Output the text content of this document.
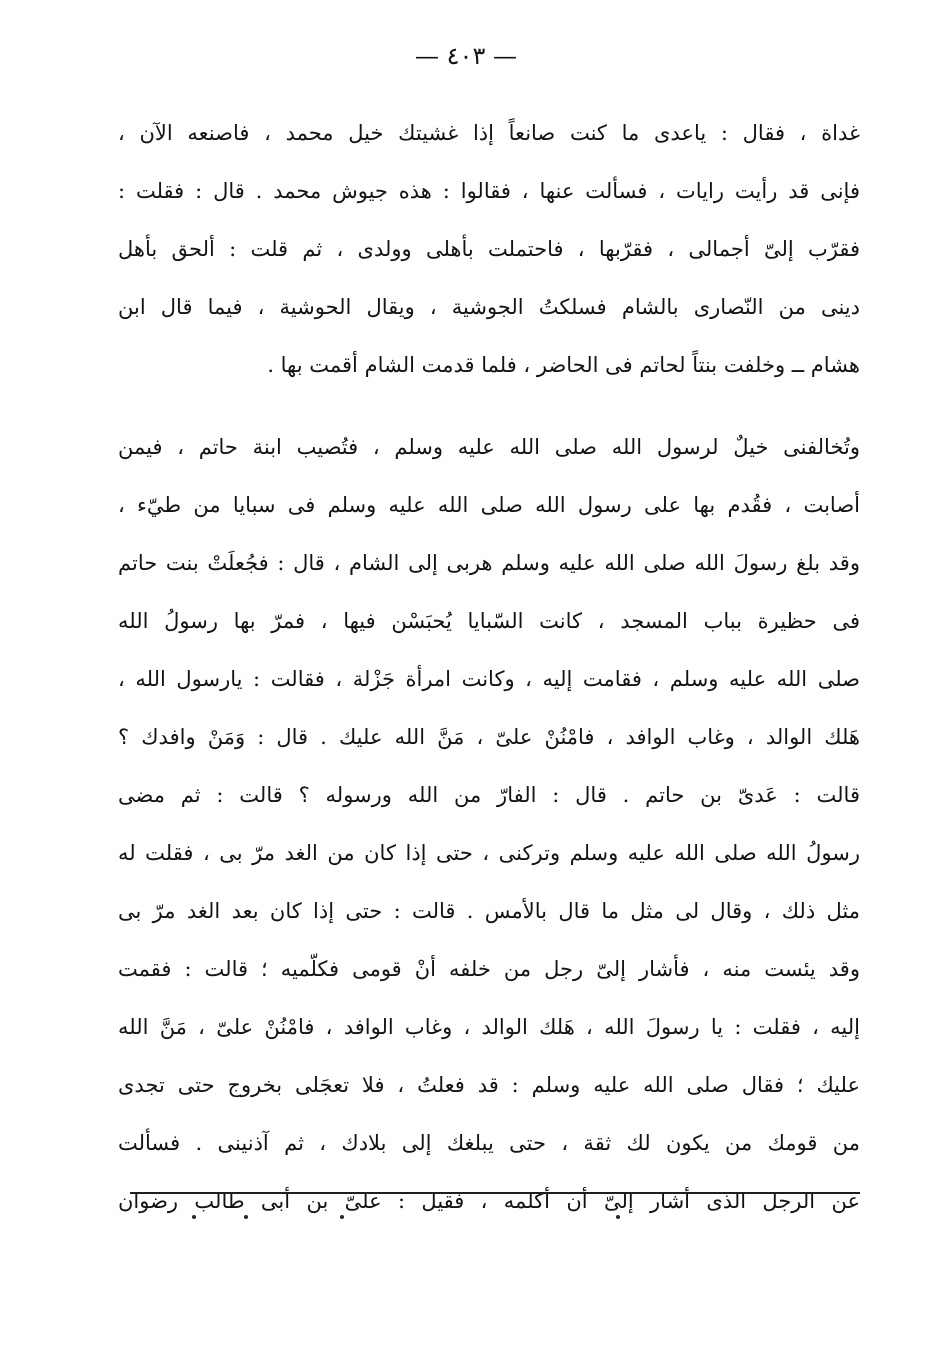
— ٤٠٣ —
غداة ، فقال : ياعدى ما كنت صانعاً إذا غشيتك خيل محمد ، فاصنعه الآن ،
فإنى قد رأيت رايات ، فسألت عنها ، فقالوا : هذه جيوش محمد . قال : فقلت :
فقرّب إلىّ أجمالى ، فقرّبها ، فاحتملت بأهلى وولدى ، ثم قلت : ألحق بأهل
دينى من النّصارى بالشام فسلكتُ الجوشية ، ويقال الحوشية ، فيما قال ابن
هشام ــ وخلفت بنتاً لحاتم فى الحاضر ، فلما قدمت الشام أقمت بها .
وتُخالفنى خيلٌ لرسول الله صلى الله عليه وسلم ، فتُصيب ابنة حاتم ، فيمن
أصابت ، فقُدم بها على رسول الله صلى الله عليه وسلم فى سبايا من طيّء ،
وقد بلغ رسولَ الله صلى الله عليه وسلم هربى إلى الشام ، قال : فجُعلَتْ بنت حاتم
فى حظيرة بباب المسجد ، كانت السّبايا يُحبَسْن فيها ، فمرّ بها رسولُ الله
صلى الله عليه وسلم ، فقامت إليه ، وكانت امرأة جَزْلة ، فقالت : يارسول الله ،
هَلك الوالد ، وغاب الوافد ، فامْنُنْ علىّ ، مَنَّ الله عليك . قال : وَمَنْ وافدك ؟
قالت : عَدىّ بن حاتم . قال : الفارّ من الله ورسوله ؟ قالت : ثم مضى
رسولُ الله صلى الله عليه وسلم وتركنى ، حتى إذا كان من الغد مرّ بى ، فقلت له
مثل ذلك ، وقال لى مثل ما قال بالأمس . قالت : حتى إذا كان بعد الغد مرّ بى
وقد يئست منه ، فأشار إلىّ رجل من خلفه أنْ قومى فكلّميه ؛ قالت : فقمت
إليه ، فقلت : يا رسولَ الله ، هَلك الوالد ، وغاب الوافد ، فامْنُنْ علىّ ، مَنَّ الله
عليك ؛ فقال صلى الله عليه وسلم : قد فعلتُ ، فلا تعجَلى بخروج حتى تجدى
من قومك من يكون لك ثقة ، حتى يبلغك إلى بلادك ، ثم آذنينى . فسألت
عن الرجل الذى أشار إلىّ أن أكلمه ، فقيل : علىّ بن أبى طالب رضوان
